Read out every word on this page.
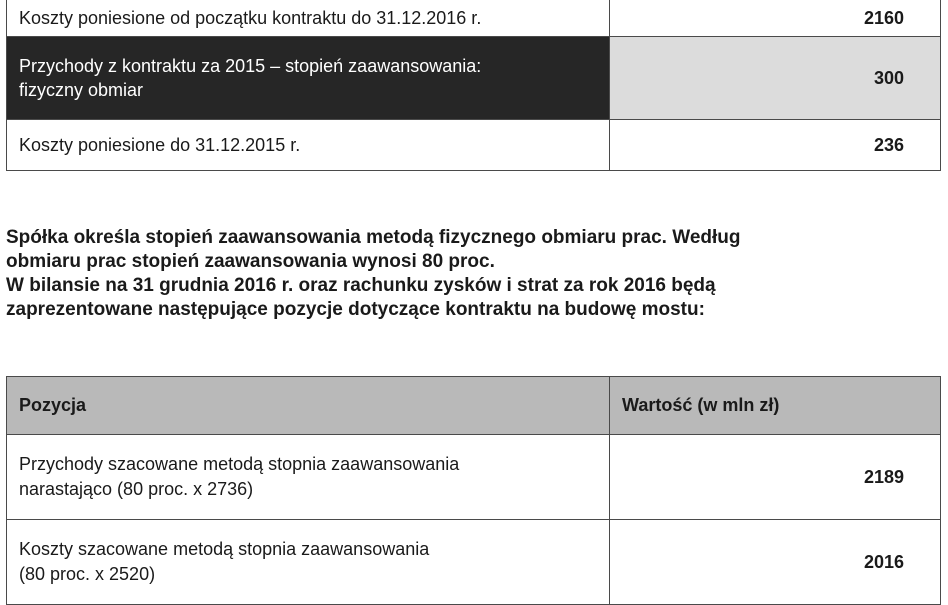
Koszty poniesione od początku kontraktu do 31.12.2016 r.	2160

Przychody z kontraktu za 2015 – stopień zaawansowania:
fizyczny obmiar	300
Koszty poniesione do 31.12.2015 r.	236
Spółka określa stopień zaawansowania metodą fizycznego obmiaru prac. Według
obmiaru prac stopień zaawansowania wynosi 80 proc.
W bilansie na 31 grudnia 2016 r. oraz rachunku zysków i strat za rok 2016 będą
zaprezentowane następujące pozycje dotyczące kontraktu na budowę mostu:
Pozycja	Wartość (w mln zł)

Przychody szacowane metodą stopnia zaawansowania
narastająco (80 proc. x 2736)	2189

Koszty szacowane metodą stopnia zaawansowania
(80 proc. x 2520)	2016
